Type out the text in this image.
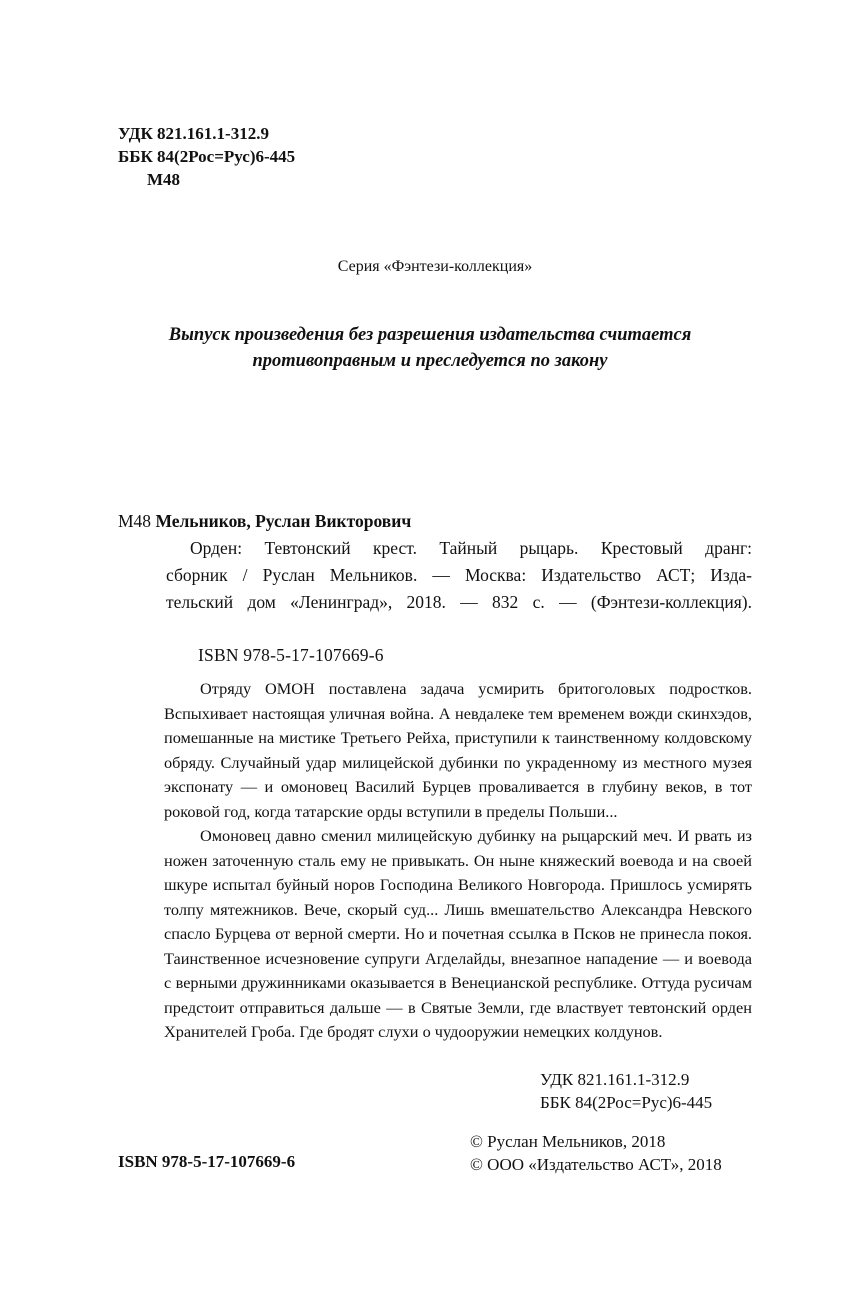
УДК 821.161.1-312.9
ББК 84(2Рос=Рус)6-445
М48
Серия «Фэнтези-коллекция»
Выпуск произведения без разрешения издательства считается
противоправным и преследуется по закону
М48 Мельников, Руслан Викторович
Орден: Тевтонский крест. Тайный рыцарь. Крестовый дранг:
сборник / Руслан Мельников. — Москва: Издательство АСТ; Изда-
тельский дом «Ленинград», 2018. — 832 с. — (Фэнтези-коллекция).
ISBN 978-5-17-107669-6

Отряду ОМОН поставлена задача усмирить бритоголовых подростков. Вспыхивает настоящая уличная война. А невдалеке тем временем вожди скинхэдов, помешанные на мистике Третьего Рейха, приступили к таинственному колдовскому обряду. Случайный удар милицейской дубинки по украденному из местного музея экспонату — и омоновец Василий Бурцев проваливается в глубину веков, в тот роковой год, когда татарские орды вступили в пределы Польши...

Омоновец давно сменил милицейскую дубинку на рыцарский меч. И рвать из ножен заточенную сталь ему не привыкать. Он ныне княжеский воевода и на своей шкуре испытал буйный норов Господина Великого Новгорода. Пришлось усмирять толпу мятежников. Вече, скорый суд... Лишь вмешательство Александра Невского спасло Бурцева от верной смерти. Но и почетная ссылка в Псков не принесла покоя. Таинственное исчезновение супруги Агделайды, внезапное нападение — и воевода с верными дружинниками оказывается в Венецианской республике. Оттуда русичам предстоит отправиться дальше — в Святые Земли, где властвует тевтонский орден Хранителей Гроба. Где бродят слухи о чудооружии немецких колдунов.

УДК 821.161.1-312.9
ББК 84(2Рос=Рус)6-445
ISBN 978-5-17-107669-6
© Руслан Мельников, 2018
© ООО «Издательство АСТ», 2018
